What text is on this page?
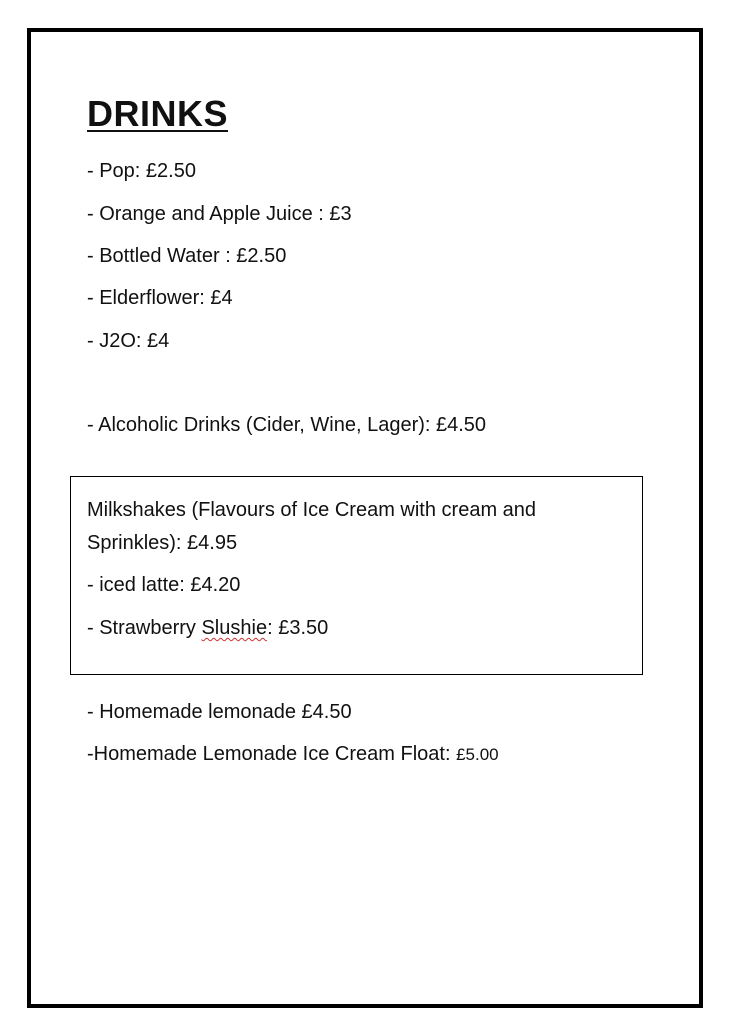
DRINKS
- Pop: £2.50
- Orange and Apple Juice : £3
- Bottled Water : £2.50
- Elderflower: £4
- J2O: £4
- Alcoholic Drinks (Cider, Wine, Lager): £4.50
Milkshakes (Flavours of Ice Cream with cream and
Sprinkles): £4.95
- iced latte: £4.20
- Strawberry Slushie: £3.50
- Homemade lemonade £4.50
-Homemade Lemonade Ice Cream Float: £5.00
